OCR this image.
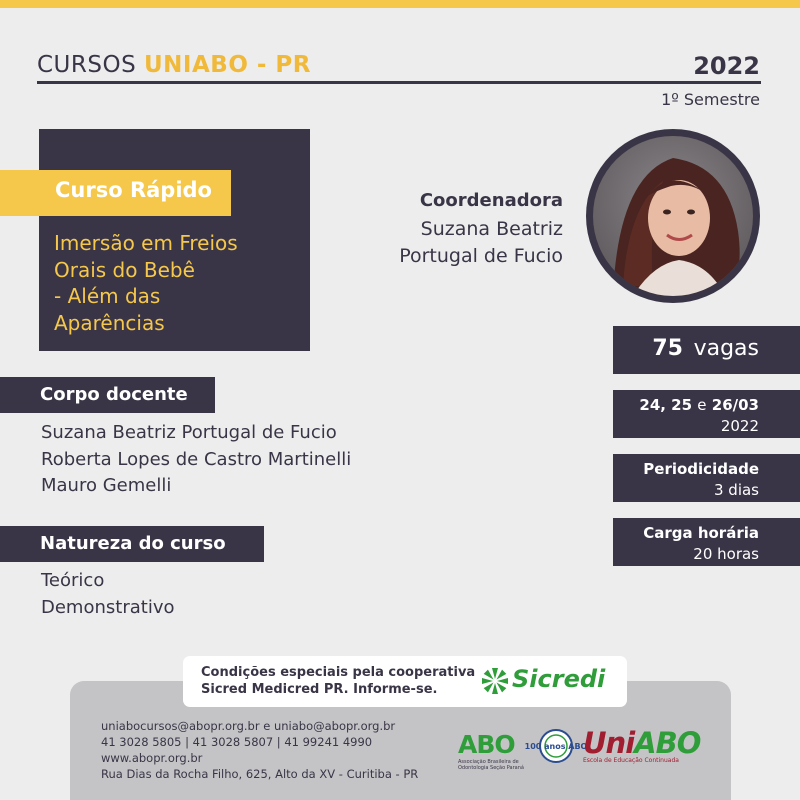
CURSOS UNIABO - PR	2022
1º Semestre
Curso Rápido
Imersão em Freios
Orais do Bebê
- Além das
Aparências
Coordenadora
Suzana Beatriz
Portugal de Fucio
75 vagas
24, 25 e 26/03
2022
Periodicidade
3 dias
Carga horária
20 horas
Corpo docente
Suzana Beatriz Portugal de Fucio
Roberta Lopes de Castro Martinelli
Mauro Gemelli
Natureza do curso
Teórico
Demonstrativo
uniabocursos@abopr.org.br e uniabo@abopr.org.br
41 3028 5805 | 41 3028 5807 | 41 99241 4990
www.abopr.org.br
Rua Dias da Rocha Filho, 625, Alto da XV - Curitiba - PR
Condições especiais pela cooperativa
Sicred Medicred PR. Informe-se.	Sicredi
ABO
Associação Brasileira de Odontologia Seção Paraná
100 anos ABO
UniABO
Escola de Educação Continuada
